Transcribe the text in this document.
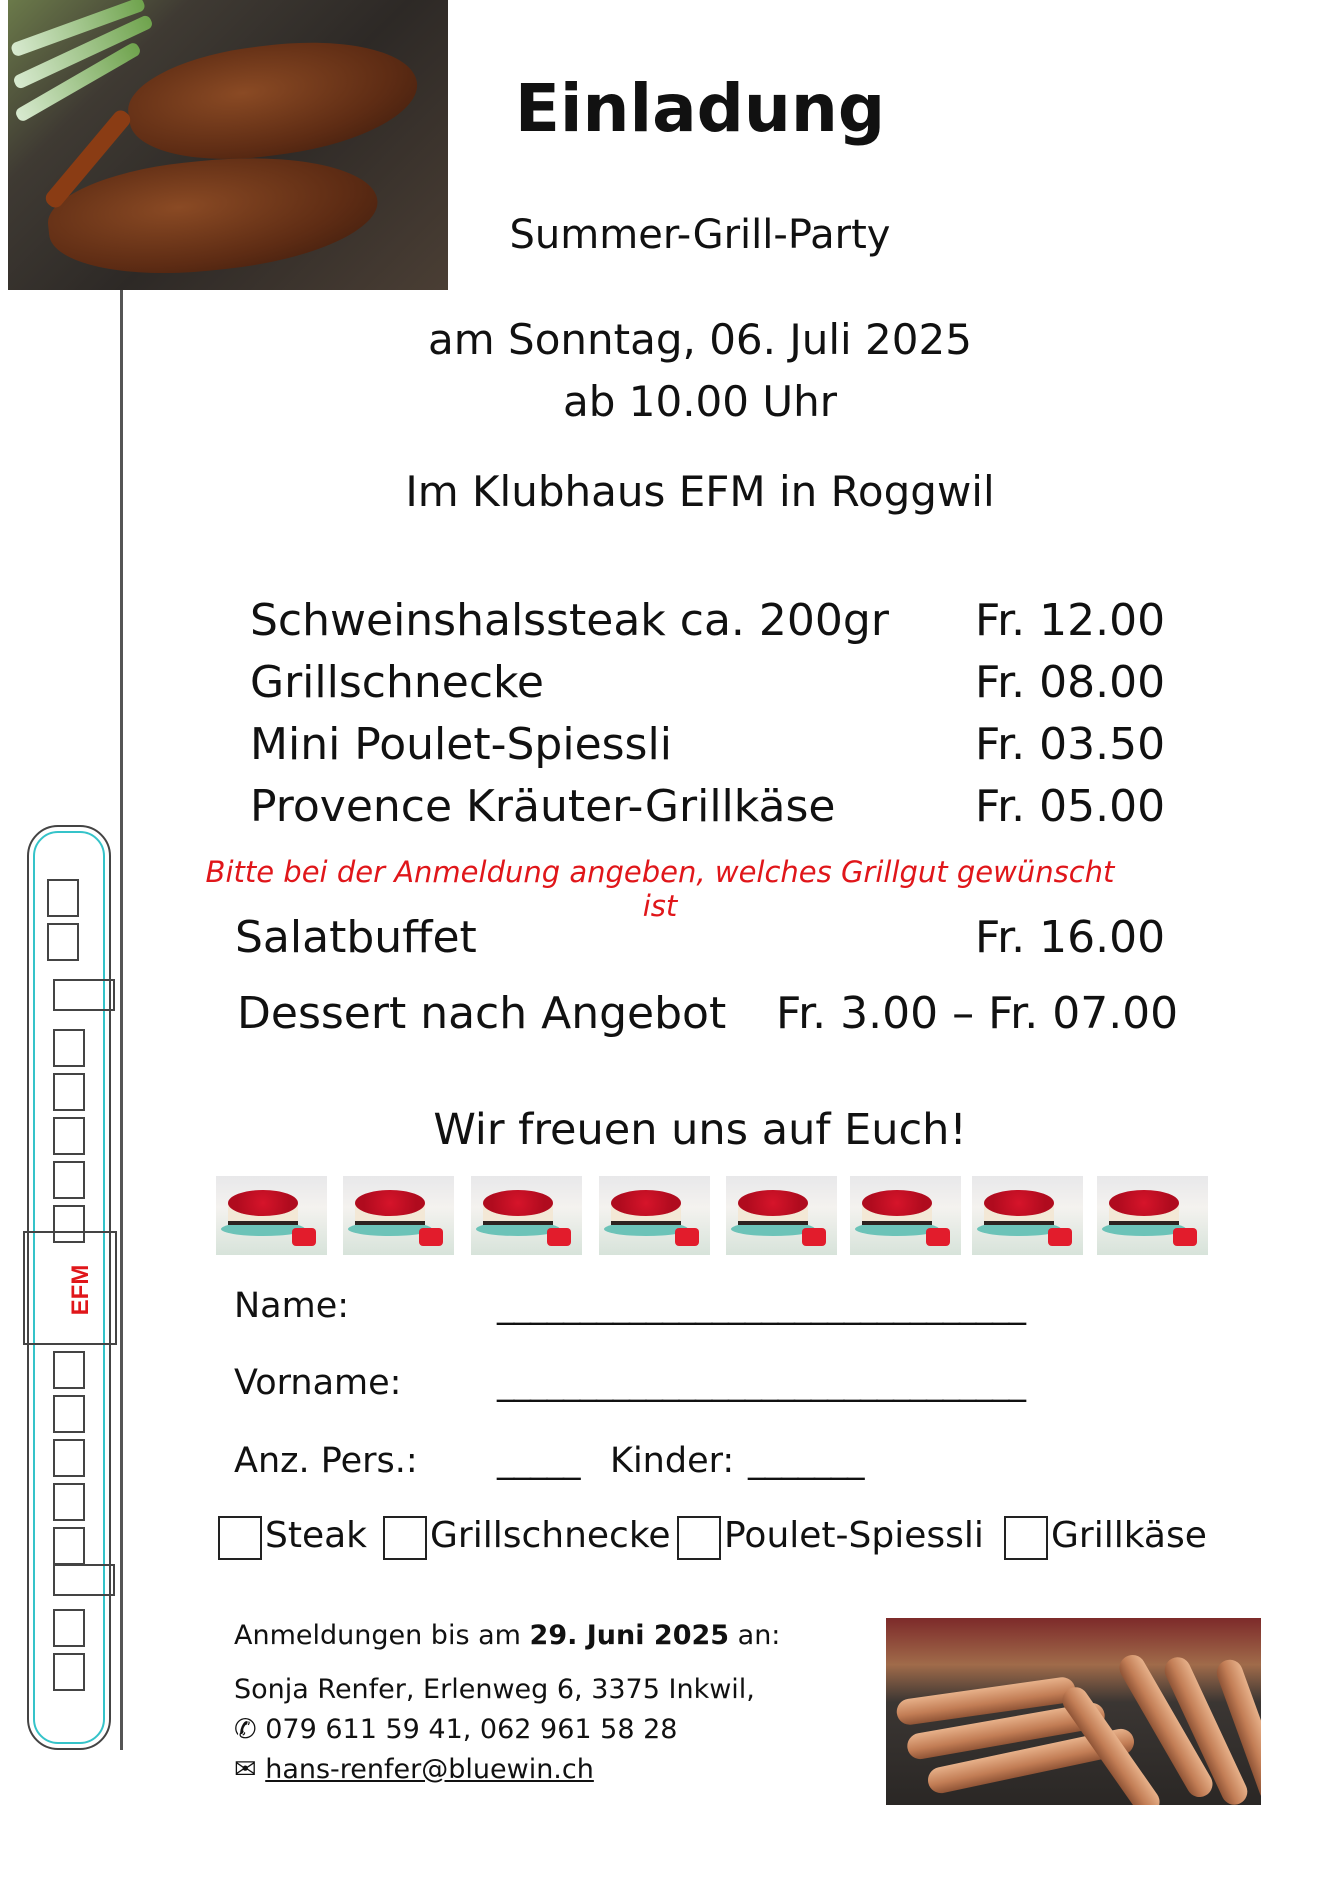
EFM
Einladung
Summer-Grill-Party
am Sonntag, 06. Juli 2025
ab 10.00 Uhr
Im Klubhaus EFM in Roggwil
Schweinshalssteak ca. 200gr Fr. 12.00
Grillschnecke	Fr. 08.00
Mini Poulet-Spiessli	Fr. 03.50
Provence Kräuter-Grillkäse	Fr. 05.00
Bitte bei der Anmeldung angeben, welches Grillgut gewünscht ist
Salatbuffet	Fr. 16.00
Dessert nach Angebot Fr. 3.00 – Fr. 07.00
Wir freuen uns auf Euch!
Name:	________________________________
Vorname:	________________________________
Anz. Pers.: _____ Kinder: _______
Steak Grillschnecke Poulet-Spiessli Grillkäse
Anmeldungen bis am 29. Juni 2025 an:
Sonja Renfer, Erlenweg 6, 3375 Inkwil,
✆ 079 611 59 41, 062 961 58 28
✉ hans-renfer@bluewin.ch
